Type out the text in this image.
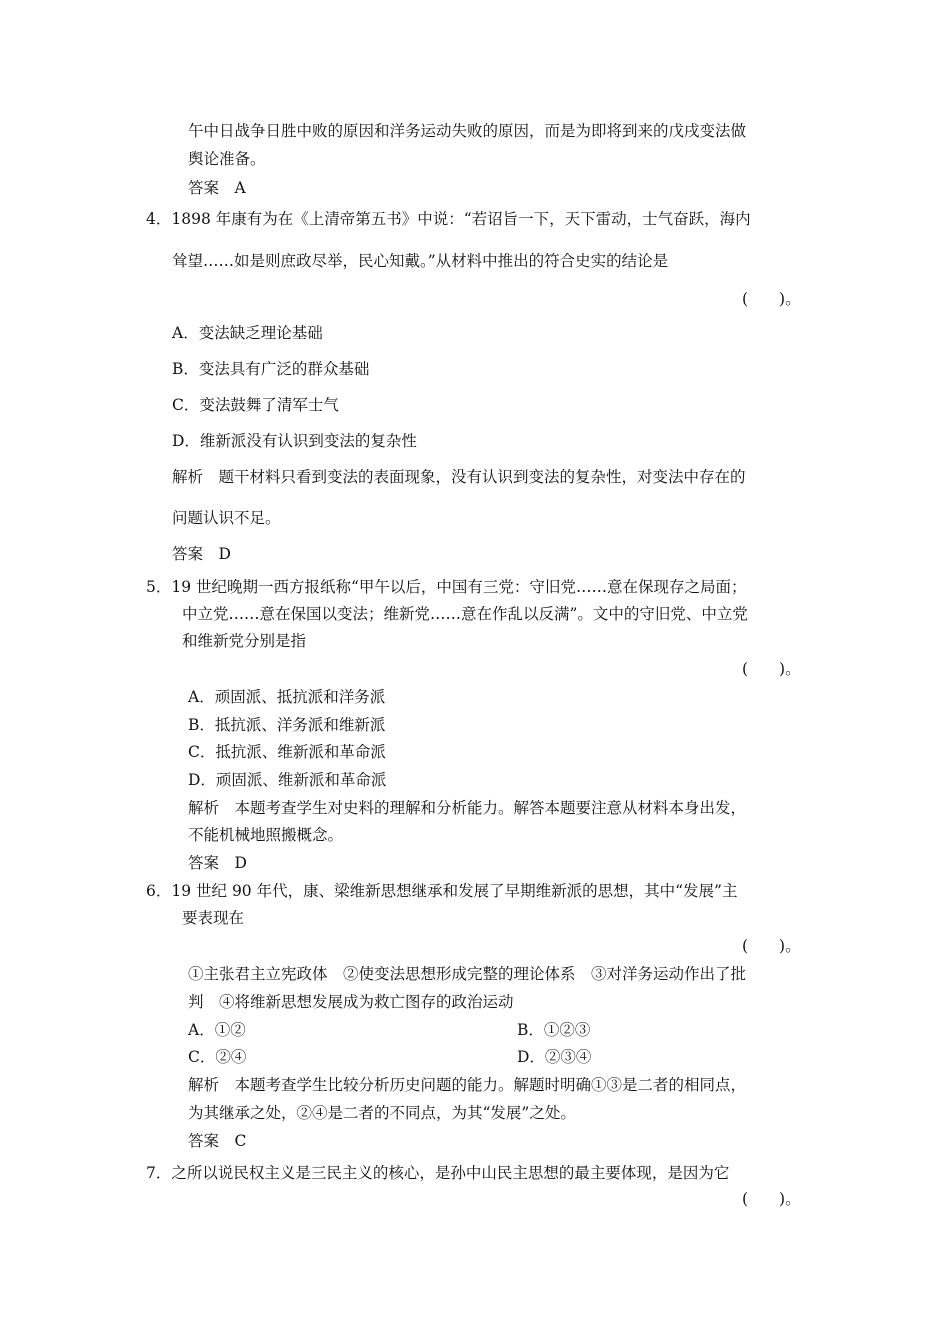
午中日战争日胜中败的原因和洋务运动失败的原因，而是为即将到来的戊戌变法做
舆论准备。
答案　A
4．1898 年康有为在《上清帝第五书》中说：“若诏旨一下，天下雷动，士气奋跃，海内
耸望……如是则庶政尽举，民心知戴。”从材料中推出的符合史实的结论是
(　　)。
A．变法缺乏理论基础
B．变法具有广泛的群众基础
C．变法鼓舞了清军士气
D．维新派没有认识到变法的复杂性
解析　题干材料只看到变法的表面现象，没有认识到变法的复杂性，对变法中存在的
问题认识不足。
答案　D
5．19 世纪晚期一西方报纸称“甲午以后，中国有三党：守旧党……意在保现存之局面；
中立党……意在保国以变法；维新党……意在作乱以反满”。文中的守旧党、中立党
和维新党分别是指
(　　)。
A．顽固派、抵抗派和洋务派
B．抵抗派、洋务派和维新派
C．抵抗派、维新派和革命派
D．顽固派、维新派和革命派
解析　本题考查学生对史料的理解和分析能力。解答本题要注意从材料本身出发，
不能机械地照搬概念。
答案　D
6．19 世纪 90 年代，康、梁维新思想继承和发展了早期维新派的思想，其中“发展”主
要表现在
(　　)。
①主张君主立宪政体　②使变法思想形成完整的理论体系　③对洋务运动作出了批
判　④将维新思想发展成为救亡图存的政治运动
A．①②	B．①②③
C．②④	D．②③④
解析　本题考查学生比较分析历史问题的能力。解题时明确①③是二者的相同点，
为其继承之处，②④是二者的不同点，为其“发展”之处。
答案　C
7．之所以说民权主义是三民主义的核心，是孙中山民主思想的最主要体现，是因为它
(　　)。
